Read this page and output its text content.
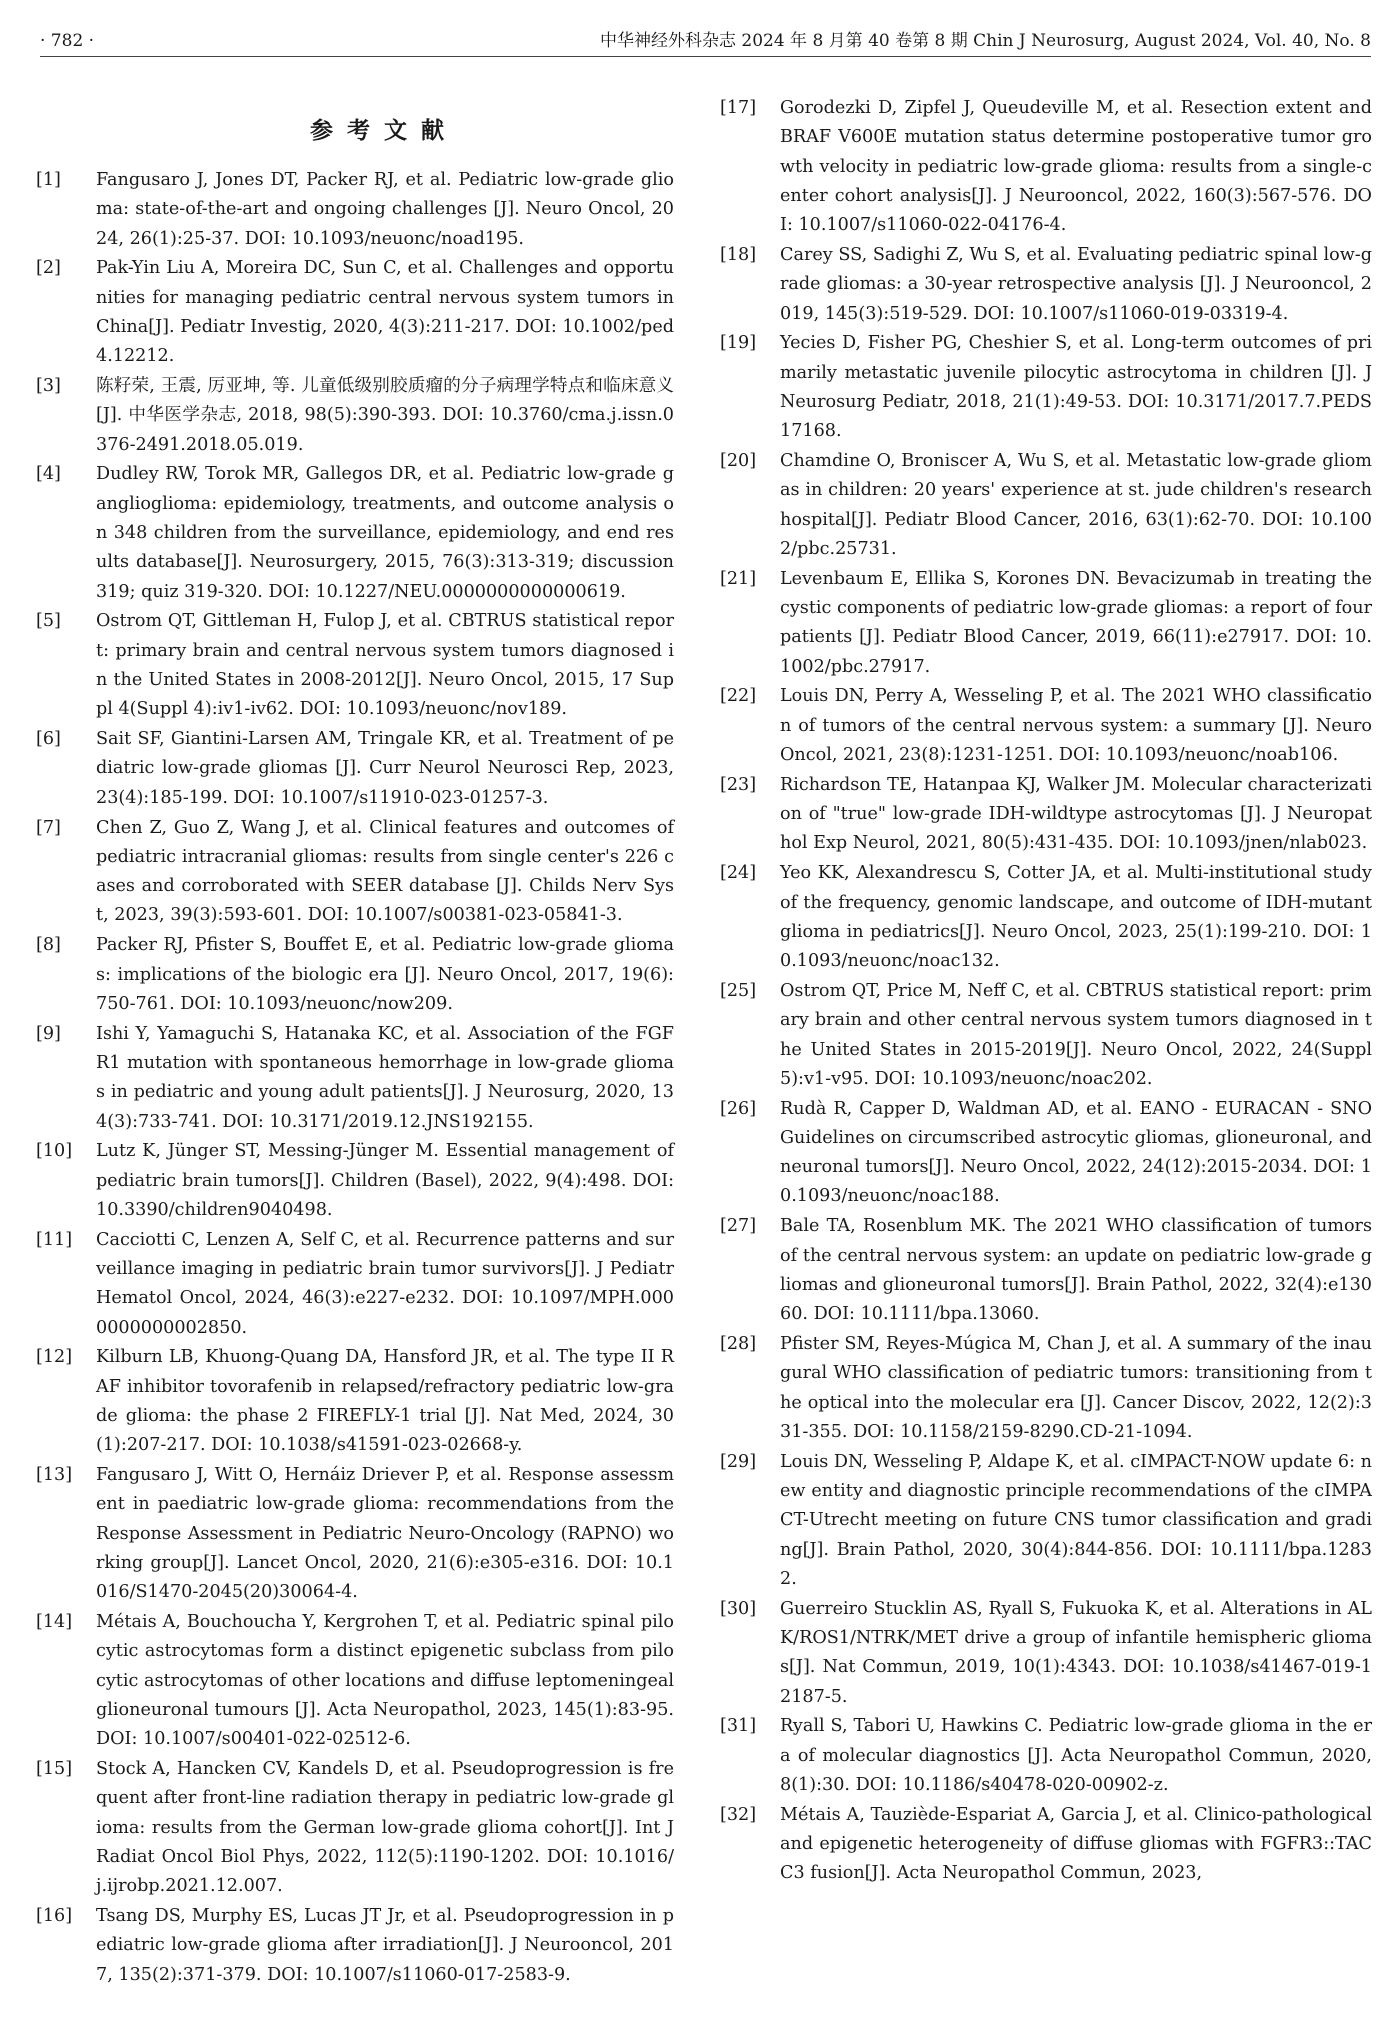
· 782 ·	中华神经外科杂志 2024 年 8 月第 40 卷第 8 期 Chin J Neurosurg, August 2024, Vol. 40, No. 8
参考文献
[1] Fangusaro J, Jones DT, Packer RJ, et al. Pediatric low-grade glioma: state-of-the-art and ongoing challenges [J]. Neuro Oncol, 2024, 26(1):25-37. DOI: 10.1093/neuonc/noad195.
[2] Pak-Yin Liu A, Moreira DC, Sun C, et al. Challenges and opportunities for managing pediatric central nervous system tumors in China[J]. Pediatr Investig, 2020, 4(3):211-217. DOI: 10.1002/ped4.12212.
[3] 陈籽荣, 王震, 厉亚坤, 等. 儿童低级别胶质瘤的分子病理学特点和临床意义[J]. 中华医学杂志, 2018, 98(5):390-393. DOI: 10.3760/cma.j.issn.0376-2491.2018.05.019.
[4] Dudley RW, Torok MR, Gallegos DR, et al. Pediatric low-grade ganglioglioma: epidemiology, treatments, and outcome analysis on 348 children from the surveillance, epidemiology, and end results database[J]. Neurosurgery, 2015, 76(3):313-319; discussion 319; quiz 319-320. DOI: 10.1227/NEU.0000000000000619.
[5] Ostrom QT, Gittleman H, Fulop J, et al. CBTRUS statistical report: primary brain and central nervous system tumors diagnosed in the United States in 2008-2012[J]. Neuro Oncol, 2015, 17 Suppl 4(Suppl 4):iv1-iv62. DOI: 10.1093/neuonc/nov189.
[6] Sait SF, Giantini-Larsen AM, Tringale KR, et al. Treatment of pediatric low-grade gliomas [J]. Curr Neurol Neurosci Rep, 2023, 23(4):185-199. DOI: 10.1007/s11910-023-01257-3.
[7] Chen Z, Guo Z, Wang J, et al. Clinical features and outcomes of pediatric intracranial gliomas: results from single center's 226 cases and corroborated with SEER database [J]. Childs Nerv Syst, 2023, 39(3):593-601. DOI: 10.1007/s00381-023-05841-3.
[8] Packer RJ, Pfister S, Bouffet E, et al. Pediatric low-grade gliomas: implications of the biologic era [J]. Neuro Oncol, 2017, 19(6):750-761. DOI: 10.1093/neuonc/now209.
[9] Ishi Y, Yamaguchi S, Hatanaka KC, et al. Association of the FGFR1 mutation with spontaneous hemorrhage in low-grade gliomas in pediatric and young adult patients[J]. J Neurosurg, 2020, 134(3):733-741. DOI: 10.3171/2019.12.JNS192155.
[10] Lutz K, Jünger ST, Messing-Jünger M. Essential management of pediatric brain tumors[J]. Children (Basel), 2022, 9(4):498. DOI: 10.3390/children9040498.
[11] Cacciotti C, Lenzen A, Self C, et al. Recurrence patterns and surveillance imaging in pediatric brain tumor survivors[J]. J Pediatr Hematol Oncol, 2024, 46(3):e227-e232. DOI: 10.1097/MPH.0000000000002850.
[12] Kilburn LB, Khuong-Quang DA, Hansford JR, et al. The type II RAF inhibitor tovorafenib in relapsed/refractory pediatric low-grade glioma: the phase 2 FIREFLY-1 trial [J]. Nat Med, 2024, 30(1):207-217. DOI: 10.1038/s41591-023-02668-y.
[13] Fangusaro J, Witt O, Hernáiz Driever P, et al. Response assessment in paediatric low-grade glioma: recommendations from the Response Assessment in Pediatric Neuro-Oncology (RAPNO) working group[J]. Lancet Oncol, 2020, 21(6):e305-e316. DOI: 10.1016/S1470-2045(20)30064-4.
[14] Métais A, Bouchoucha Y, Kergrohen T, et al. Pediatric spinal pilocytic astrocytomas form a distinct epigenetic subclass from pilocytic astrocytomas of other locations and diffuse leptomeningeal glioneuronal tumours [J]. Acta Neuropathol, 2023, 145(1):83-95. DOI: 10.1007/s00401-022-02512-6.
[15] Stock A, Hancken CV, Kandels D, et al. Pseudoprogression is frequent after front-line radiation therapy in pediatric low-grade glioma: results from the German low-grade glioma cohort[J]. Int J Radiat Oncol Biol Phys, 2022, 112(5):1190-1202. DOI: 10.1016/j.ijrobp.2021.12.007.
[16] Tsang DS, Murphy ES, Lucas JT Jr, et al. Pseudoprogression in pediatric low-grade glioma after irradiation[J]. J Neurooncol, 2017, 135(2):371-379. DOI: 10.1007/s11060-017-2583-9.
[17] Gorodezki D, Zipfel J, Queudeville M, et al. Resection extent and BRAF V600E mutation status determine postoperative tumor growth velocity in pediatric low-grade glioma: results from a single-center cohort analysis[J]. J Neurooncol, 2022, 160(3):567-576. DOI: 10.1007/s11060-022-04176-4.
[18] Carey SS, Sadighi Z, Wu S, et al. Evaluating pediatric spinal low-grade gliomas: a 30-year retrospective analysis [J]. J Neurooncol, 2019, 145(3):519-529. DOI: 10.1007/s11060-019-03319-4.
[19] Yecies D, Fisher PG, Cheshier S, et al. Long-term outcomes of primarily metastatic juvenile pilocytic astrocytoma in children [J]. J Neurosurg Pediatr, 2018, 21(1):49-53. DOI: 10.3171/2017.7.PEDS17168.
[20] Chamdine O, Broniscer A, Wu S, et al. Metastatic low-grade gliomas in children: 20 years' experience at st. jude children's research hospital[J]. Pediatr Blood Cancer, 2016, 63(1):62-70. DOI: 10.1002/pbc.25731.
[21] Levenbaum E, Ellika S, Korones DN. Bevacizumab in treating the cystic components of pediatric low-grade gliomas: a report of four patients [J]. Pediatr Blood Cancer, 2019, 66(11):e27917. DOI: 10.1002/pbc.27917.
[22] Louis DN, Perry A, Wesseling P, et al. The 2021 WHO classification of tumors of the central nervous system: a summary [J]. Neuro Oncol, 2021, 23(8):1231-1251. DOI: 10.1093/neuonc/noab106.
[23] Richardson TE, Hatanpaa KJ, Walker JM. Molecular characterization of "true" low-grade IDH-wildtype astrocytomas [J]. J Neuropathol Exp Neurol, 2021, 80(5):431-435. DOI: 10.1093/jnen/nlab023.
[24] Yeo KK, Alexandrescu S, Cotter JA, et al. Multi-institutional study of the frequency, genomic landscape, and outcome of IDH-mutant glioma in pediatrics[J]. Neuro Oncol, 2023, 25(1):199-210. DOI: 10.1093/neuonc/noac132.
[25] Ostrom QT, Price M, Neff C, et al. CBTRUS statistical report: primary brain and other central nervous system tumors diagnosed in the United States in 2015-2019[J]. Neuro Oncol, 2022, 24(Suppl 5):v1-v95. DOI: 10.1093/neuonc/noac202.
[26] Rudà R, Capper D, Waldman AD, et al. EANO - EURACAN - SNO Guidelines on circumscribed astrocytic gliomas, glioneuronal, and neuronal tumors[J]. Neuro Oncol, 2022, 24(12):2015-2034. DOI: 10.1093/neuonc/noac188.
[27] Bale TA, Rosenblum MK. The 2021 WHO classification of tumors of the central nervous system: an update on pediatric low-grade gliomas and glioneuronal tumors[J]. Brain Pathol, 2022, 32(4):e13060. DOI: 10.1111/bpa.13060.
[28] Pfister SM, Reyes-Múgica M, Chan J, et al. A summary of the inaugural WHO classification of pediatric tumors: transitioning from the optical into the molecular era [J]. Cancer Discov, 2022, 12(2):331-355. DOI: 10.1158/2159-8290.CD-21-1094.
[29] Louis DN, Wesseling P, Aldape K, et al. cIMPACT-NOW update 6: new entity and diagnostic principle recommendations of the cIMPACT-Utrecht meeting on future CNS tumor classification and grading[J]. Brain Pathol, 2020, 30(4):844-856. DOI: 10.1111/bpa.12832.
[30] Guerreiro Stucklin AS, Ryall S, Fukuoka K, et al. Alterations in ALK/ROS1/NTRK/MET drive a group of infantile hemispheric gliomas[J]. Nat Commun, 2019, 10(1):4343. DOI: 10.1038/s41467-019-12187-5.
[31] Ryall S, Tabori U, Hawkins C. Pediatric low-grade glioma in the era of molecular diagnostics [J]. Acta Neuropathol Commun, 2020, 8(1):30. DOI: 10.1186/s40478-020-00902-z.
[32] Métais A, Tauziède-Espariat A, Garcia J, et al. Clinico-pathological and epigenetic heterogeneity of diffuse gliomas with FGFR3::TACC3 fusion[J]. Acta Neuropathol Commun, 2023,
